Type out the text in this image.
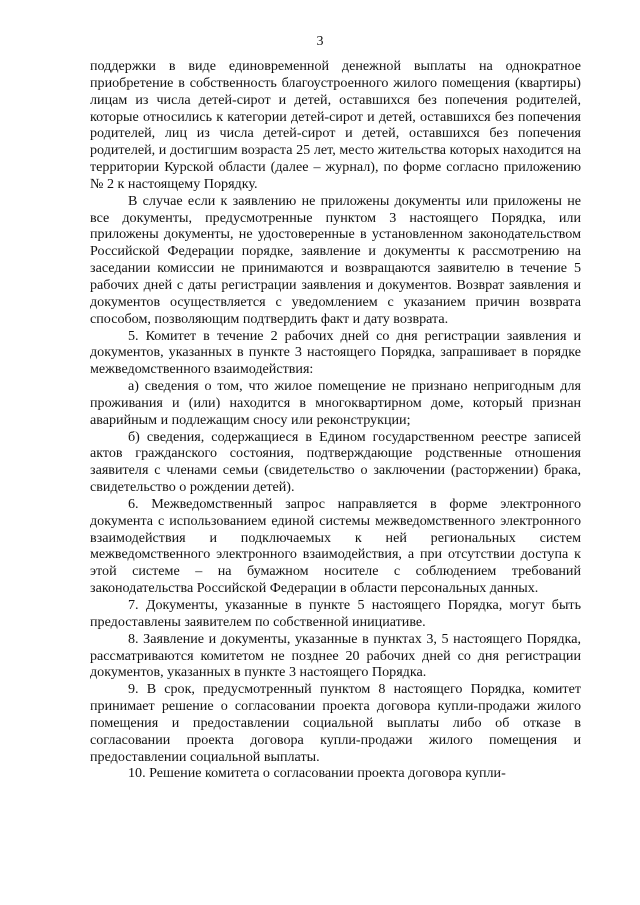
3

поддержки в виде единовременной денежной выплаты на однократное приобретение в собственность благоустроенного жилого помещения (квартиры) лицам из числа детей-сирот и детей, оставшихся без попечения родителей, которые относились к категории детей-сирот и детей, оставшихся без попечения родителей, лиц из числа детей-сирот и детей, оставшихся без попечения родителей, и достигшим возраста 25 лет, место жительства которых находится на территории Курской области (далее – журнал), по форме согласно приложению № 2 к настоящему Порядку.

В случае если к заявлению не приложены документы или приложены не все документы, предусмотренные пунктом 3 настоящего Порядка, или приложены документы, не удостоверенные в установленном законодательством Российской Федерации порядке, заявление и документы к рассмотрению на заседании комиссии не принимаются и возвращаются заявителю в течение 5 рабочих дней с даты регистрации заявления и документов. Возврат заявления и документов осуществляется с уведомлением с указанием причин возврата способом, позволяющим подтвердить факт и дату возврата.

5. Комитет в течение 2 рабочих дней со дня регистрации заявления и документов, указанных в пункте 3 настоящего Порядка, запрашивает в порядке межведомственного взаимодействия:

а) сведения о том, что жилое помещение не признано непригодным для проживания и (или) находится в многоквартирном доме, который признан аварийным и подлежащим сносу или реконструкции;

б) сведения, содержащиеся в Едином государственном реестре записей актов гражданского состояния, подтверждающие родственные отношения заявителя с членами семьи (свидетельство о заключении (расторжении) брака, свидетельство о рождении детей).

6. Межведомственный запрос направляется в форме электронного документа с использованием единой системы межведомственного электронного взаимодействия и подключаемых к ней региональных систем межведомственного электронного взаимодействия, а при отсутствии доступа к этой системе – на бумажном носителе с соблюдением требований законодательства Российской Федерации в области персональных данных.

7. Документы, указанные в пункте 5 настоящего Порядка, могут быть предоставлены заявителем по собственной инициативе.

8. Заявление и документы, указанные в пунктах 3, 5 настоящего Порядка, рассматриваются комитетом не позднее 20 рабочих дней со дня регистрации документов, указанных в пункте 3 настоящего Порядка.

9. В срок, предусмотренный пунктом 8 настоящего Порядка, комитет принимает решение о согласовании проекта договора купли-продажи жилого помещения и предоставлении социальной выплаты либо об отказе в согласовании проекта договора купли-продажи жилого помещения и предоставлении социальной выплаты.

10. Решение комитета о согласовании проекта договора купли-
